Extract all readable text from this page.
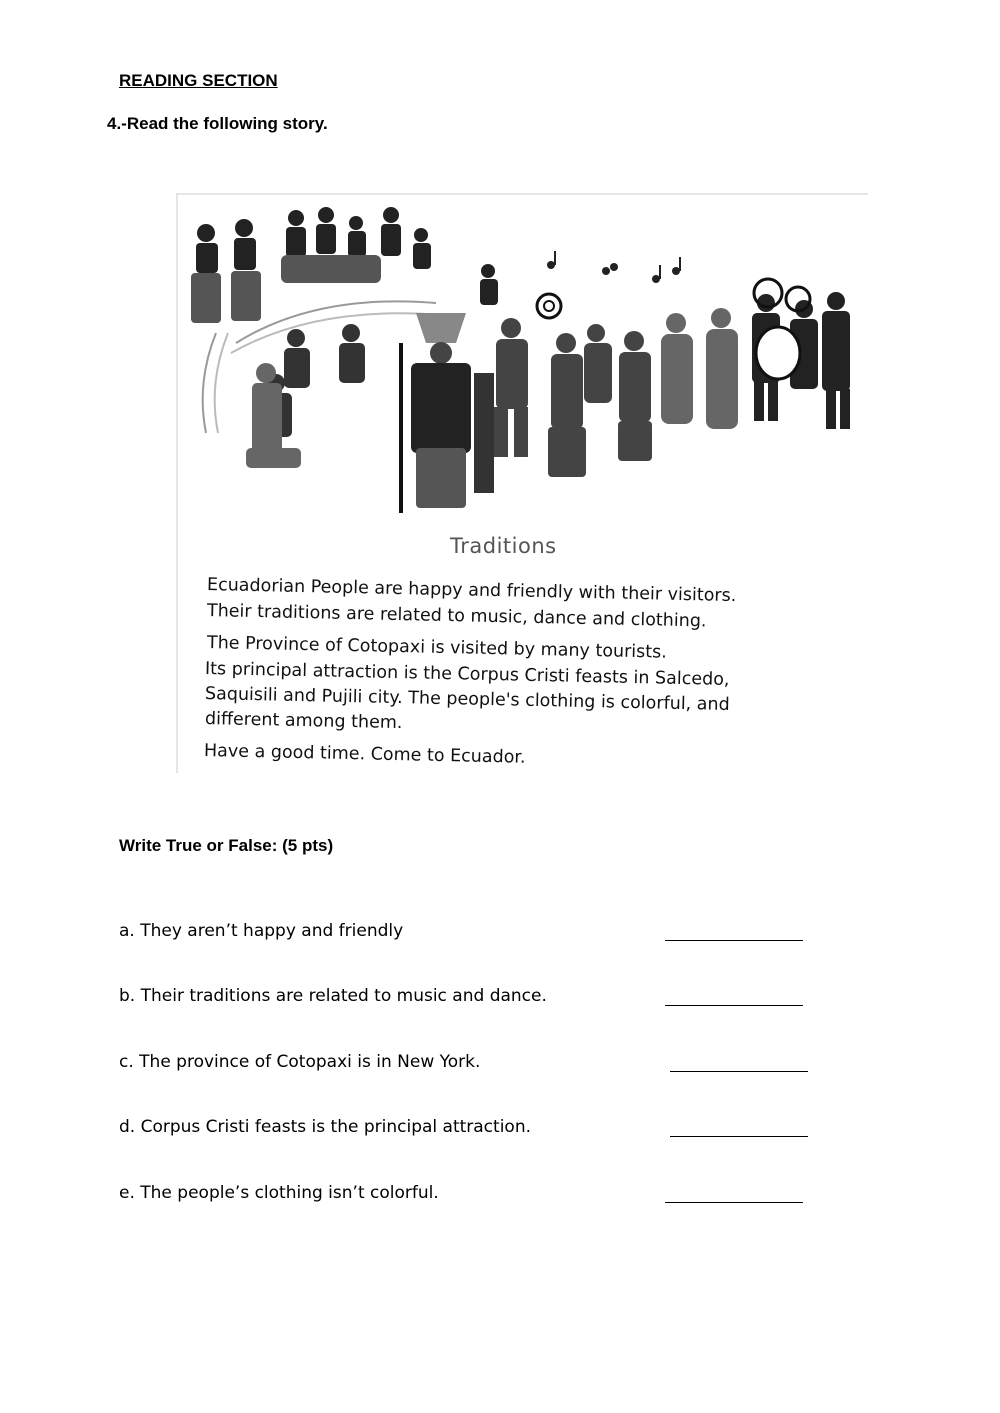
READING SECTION
4.-Read the following story.
Traditions
Ecuadorian People are happy and friendly with their visitors.
Their traditions are related to music, dance and clothing.
The Province of Cotopaxi is visited by many tourists.
Its principal attraction is the Corpus Cristi feasts in Salcedo,
Saquisili and Pujili city. The people's clothing is colorful, and
different among them.
Have a good time. Come to Ecuador.
Write True or False: (5 pts)
a. They aren’t happy and friendly
b. Their traditions are related to music and dance.
c. The province of Cotopaxi is in New York.
d. Corpus Cristi feasts is the principal attraction.
e. The people’s clothing isn’t colorful.
